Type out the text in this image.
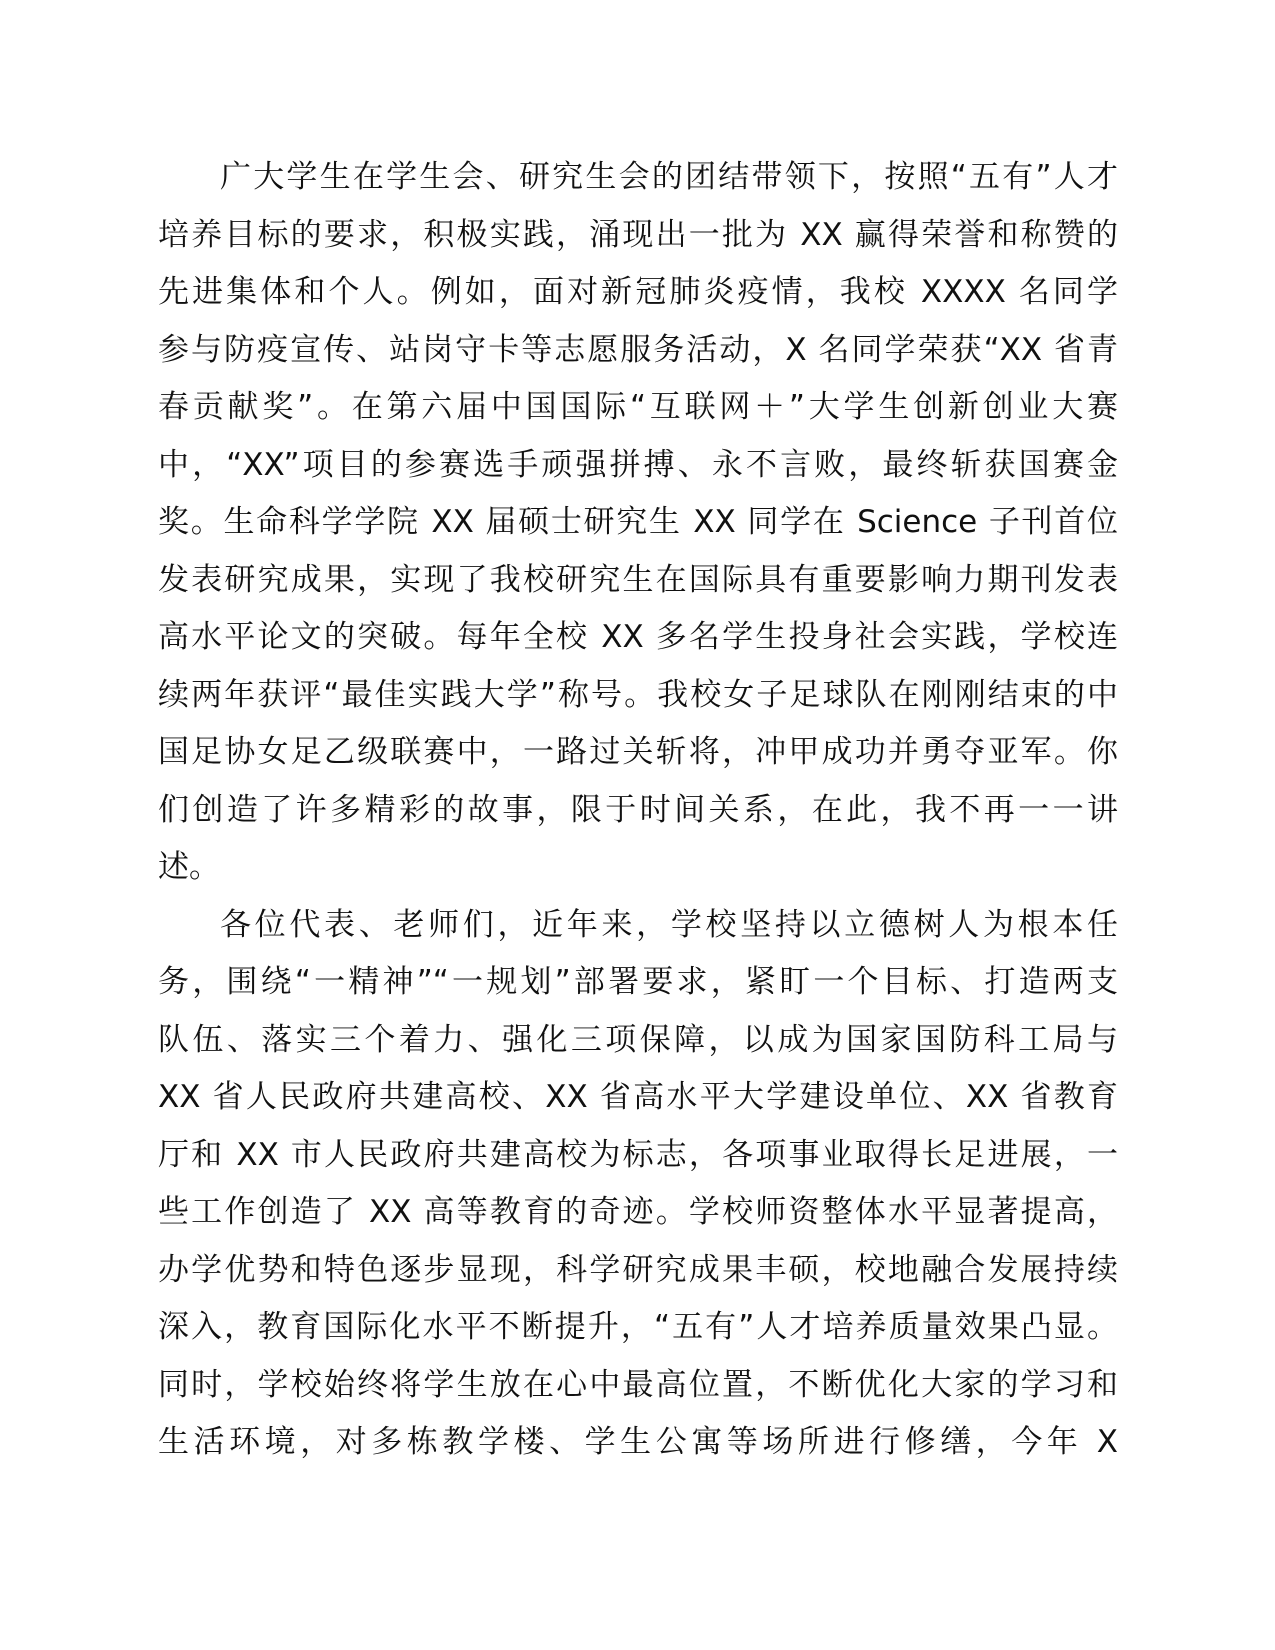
广大学生在学生会、研究生会的团结带领下，按照“五有”人才
培养目标的要求，积极实践，涌现出一批为 XX 赢得荣誉和称赞的
先进集体和个人。例如，面对新冠肺炎疫情，我校 XXXX 名同学
参与防疫宣传、站岗守卡等志愿服务活动，X 名同学荣获“XX 省青
春贡献奖”。在第六届中国国际“互联网＋”大学生创新创业大赛
中，“XX”项目的参赛选手顽强拼搏、永不言败，最终斩获国赛金
奖。生命科学学院 XX 届硕士研究生 XX 同学在 Science 子刊首位
发表研究成果，实现了我校研究生在国际具有重要影响力期刊发表
高水平论文的突破。每年全校 XX 多名学生投身社会实践，学校连
续两年获评“最佳实践大学”称号。我校女子足球队在刚刚结束的中
国足协女足乙级联赛中，一路过关斩将，冲甲成功并勇夺亚军。你
们创造了许多精彩的故事，限于时间关系，在此，我不再一一讲
述。
各位代表、老师们，近年来，学校坚持以立德树人为根本任
务，围绕“一精神”“一规划”部署要求，紧盯一个目标、打造两支
队伍、落实三个着力、强化三项保障，以成为国家国防科工局与
XX 省人民政府共建高校、XX 省高水平大学建设单位、XX 省教育
厅和 XX 市人民政府共建高校为标志，各项事业取得长足进展，一
些工作创造了 XX 高等教育的奇迹。学校师资整体水平显著提高，
办学优势和特色逐步显现，科学研究成果丰硕，校地融合发展持续
深入，教育国际化水平不断提升，“五有”人才培养质量效果凸显。
同时，学校始终将学生放在心中最高位置，不断优化大家的学习和
生活环境，对多栋教学楼、学生公寓等场所进行修缮，今年 X
